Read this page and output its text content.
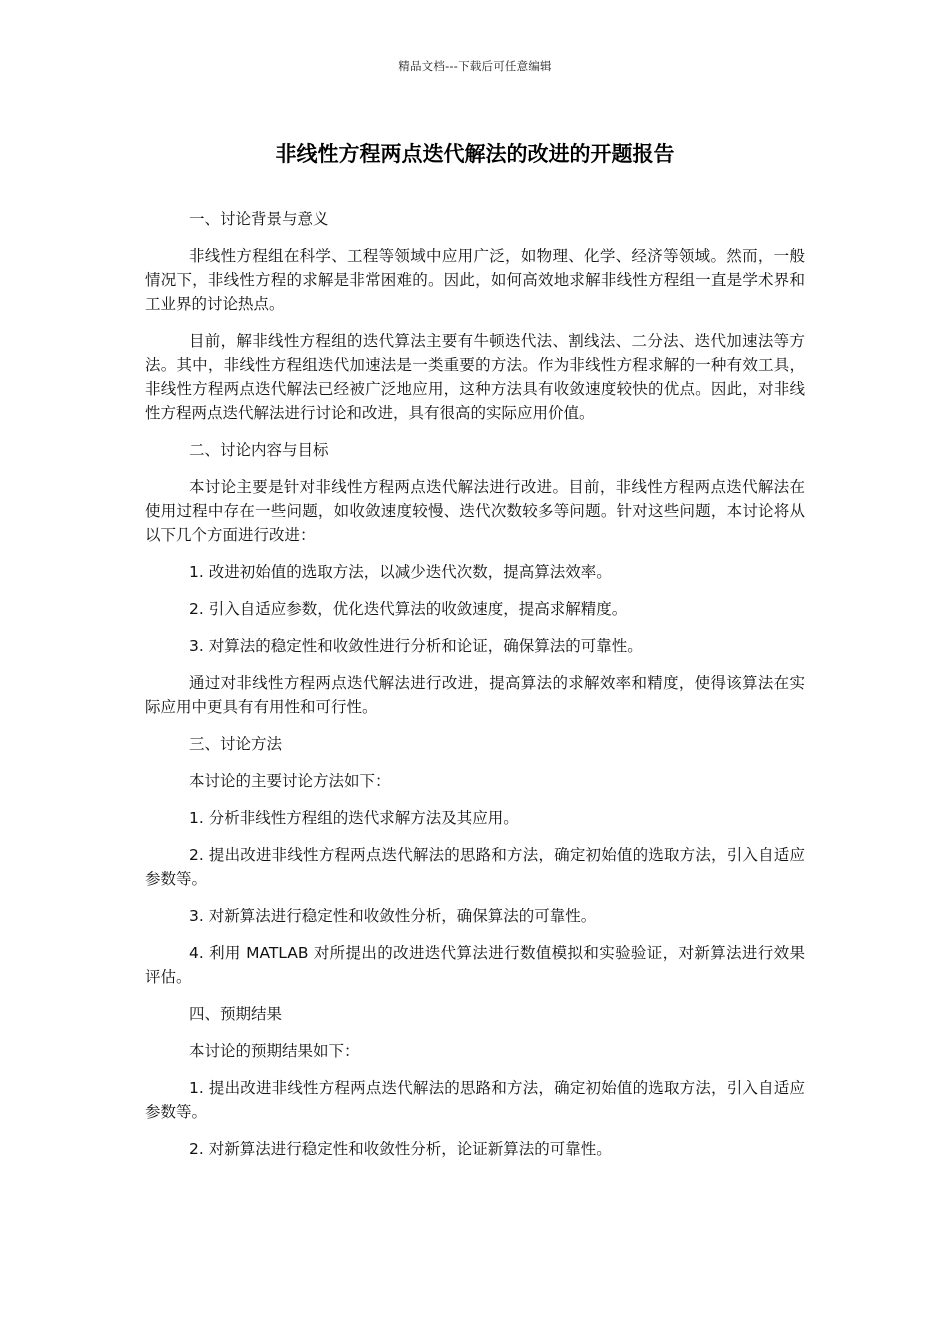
精品文档---下载后可任意编辑
非线性方程两点迭代解法的改进的开题报告

一、讨论背景与意义

非线性方程组在科学、工程等领域中应用广泛，如物理、化学、经济等领域。然而，一般情况下，非线性方程的求解是非常困难的。因此，如何高效地求解非线性方程组一直是学术界和工业界的讨论热点。

目前，解非线性方程组的迭代算法主要有牛顿迭代法、割线法、二分法、迭代加速法等方法。其中，非线性方程组迭代加速法是一类重要的方法。作为非线性方程求解的一种有效工具，非线性方程两点迭代解法已经被广泛地应用，这种方法具有收敛速度较快的优点。因此，对非线性方程两点迭代解法进行讨论和改进，具有很高的实际应用价值。

二、讨论内容与目标

本讨论主要是针对非线性方程两点迭代解法进行改进。目前，非线性方程两点迭代解法在使用过程中存在一些问题，如收敛速度较慢、迭代次数较多等问题。针对这些问题，本讨论将从以下几个方面进行改进：

1. 改进初始值的选取方法，以减少迭代次数，提高算法效率。

2. 引入自适应参数，优化迭代算法的收敛速度，提高求解精度。

3. 对算法的稳定性和收敛性进行分析和论证，确保算法的可靠性。

通过对非线性方程两点迭代解法进行改进，提高算法的求解效率和精度，使得该算法在实际应用中更具有有用性和可行性。

三、讨论方法

本讨论的主要讨论方法如下：

1. 分析非线性方程组的迭代求解方法及其应用。

2. 提出改进非线性方程两点迭代解法的思路和方法，确定初始值的选取方法，引入自适应参数等。

3. 对新算法进行稳定性和收敛性分析，确保算法的可靠性。

4. 利用 MATLAB 对所提出的改进迭代算法进行数值模拟和实验验证，对新算法进行效果评估。

四、预期结果

本讨论的预期结果如下：

1. 提出改进非线性方程两点迭代解法的思路和方法，确定初始值的选取方法，引入自适应参数等。

2. 对新算法进行稳定性和收敛性分析，论证新算法的可靠性。
